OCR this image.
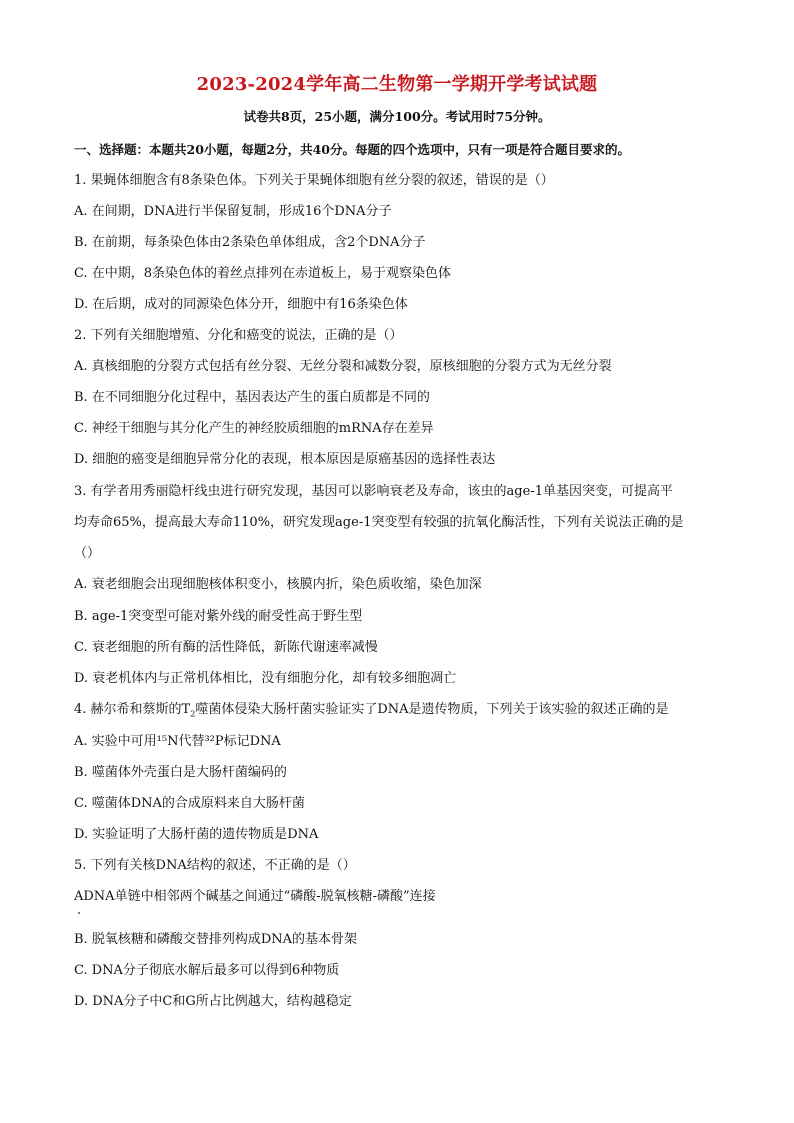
2023-2024学年高二生物第一学期开学考试试题
试卷共8页，25小题，满分100分。考试用时75分钟。
一、选择题：本题共20小题，每题2分，共40分。每题的四个选项中，只有一项是符合题目要求的。
1. 果蝇体细胞含有8条染色体。下列关于果蝇体细胞有丝分裂的叙述，错误的是（）
A. 在间期，DNA进行半保留复制，形成16个DNA分子
B. 在前期，每条染色体由2条染色单体组成，含2个DNA分子
C. 在中期，8条染色体的着丝点排列在赤道板上，易于观察染色体
D. 在后期，成对的同源染色体分开，细胞中有16条染色体
2. 下列有关细胞增殖、分化和癌变的说法，正确的是（）
A. 真核细胞的分裂方式包括有丝分裂、无丝分裂和减数分裂，原核细胞的分裂方式为无丝分裂
B. 在不同细胞分化过程中，基因表达产生的蛋白质都是不同的
C. 神经干细胞与其分化产生的神经胶质细胞的mRNA存在差异
D. 细胞的癌变是细胞异常分化的表现，根本原因是原癌基因的选择性表达
3. 有学者用秀丽隐杆线虫进行研究发现，基因可以影响衰老及寿命，该虫的age-1单基因突变，可提高平
均寿命65%，提高最大寿命110%，研究发现age-1突变型有较强的抗氧化酶活性，下列有关说法正确的是
（）
A. 衰老细胞会出现细胞核体积变小，核膜内折，染色质收缩，染色加深
B. age-1突变型可能对紫外线的耐受性高于野生型
C. 衰老细胞的所有酶的活性降低，新陈代谢速率减慢
D. 衰老机体内与正常机体相比，没有细胞分化，却有较多细胞凋亡
4. 赫尔希和蔡斯的$T_2$噬菌体侵染大肠杆菌实验证实了DNA是遗传物质，下列关于该实验的叙述正确的是
A. 实验中可用¹⁵N代替³²P标记DNA
B. 噬菌体外壳蛋白是大肠杆菌编码的
C. 噬菌体DNA的合成原料来自大肠杆菌
D. 实验证明了大肠杆菌的遗传物质是DNA
5. 下列有关核DNA结构的叙述，不正确的是（）
ADNA单链中相邻两个碱基之间通过“磷酸-脱氧核糖-磷酸”连接
B. 脱氧核糖和磷酸交替排列构成DNA的基本骨架
C. DNA分子彻底水解后最多可以得到6种物质
D. DNA分子中C和G所占比例越大，结构越稳定
